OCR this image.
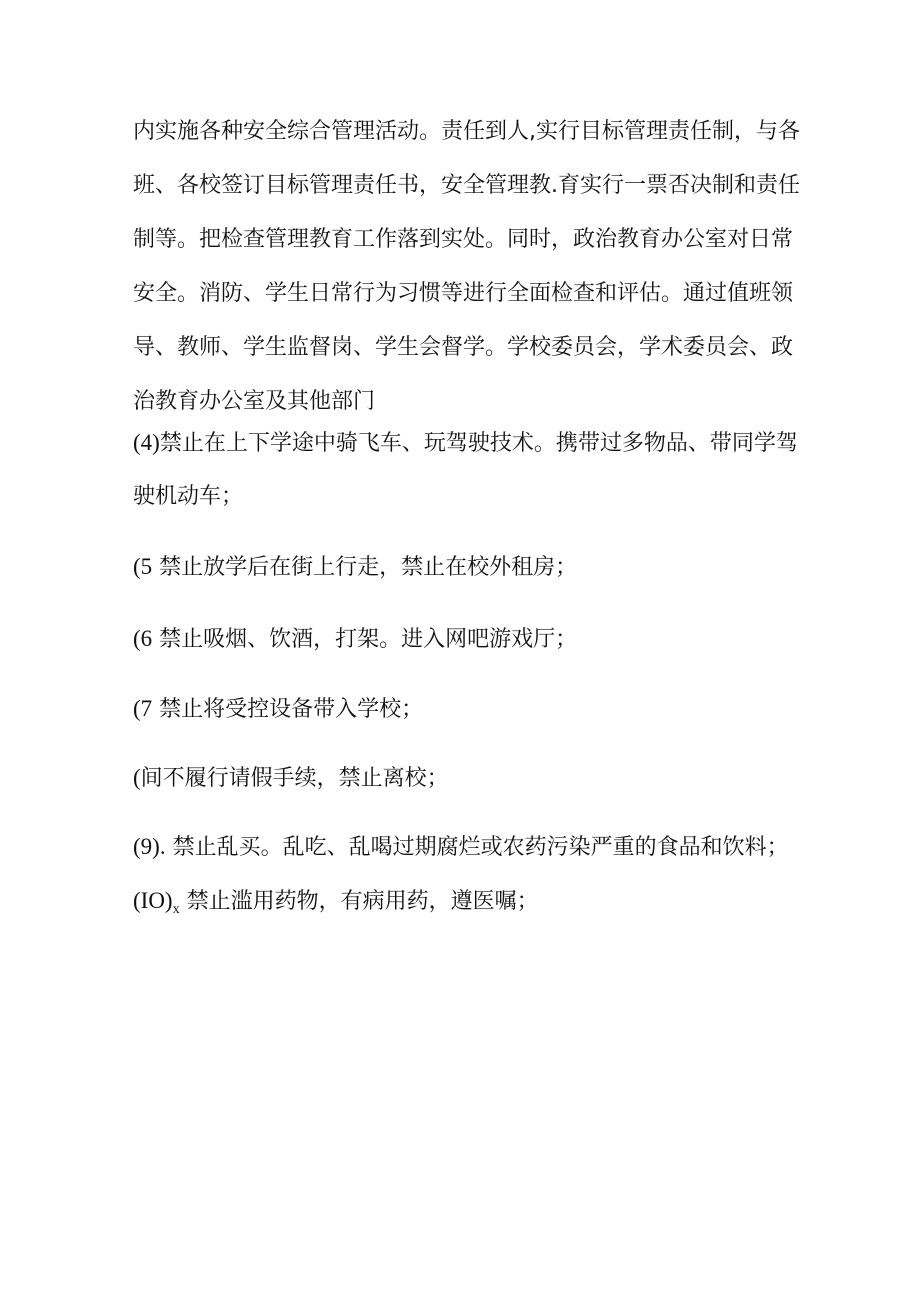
内实施各种安全综合管理活动。责任到人,实行目标管理责任制，与各
班、各校签订目标管理责任书，安全管理教.育实行一票否决制和责任
制等。把检查管理教育工作落到实处。同时，政治教育办公室对日常
安全。消防、学生日常行为习惯等进行全面检查和评估。通过值班领
导、教师、学生监督岗、学生会督学。学校委员会，学术委员会、政
治教育办公室及其他部门

(4)禁止在上下学途中骑飞车、玩驾驶技术。携带过多物品、带同学驾
驶机动车；

(5 禁止放学后在街上行走，禁止在校外租房；

(6 禁止吸烟、饮酒，打架。进入网吧游戏厅；

(7 禁止将受控设备带入学校；

(间不履行请假手续，禁止离校；

(9). 禁止乱买。乱吃、乱喝过期腐烂或农药污染严重的食品和饮料；

$(IO)_x$ 禁止滥用药物，有病用药，遵医嘱；
